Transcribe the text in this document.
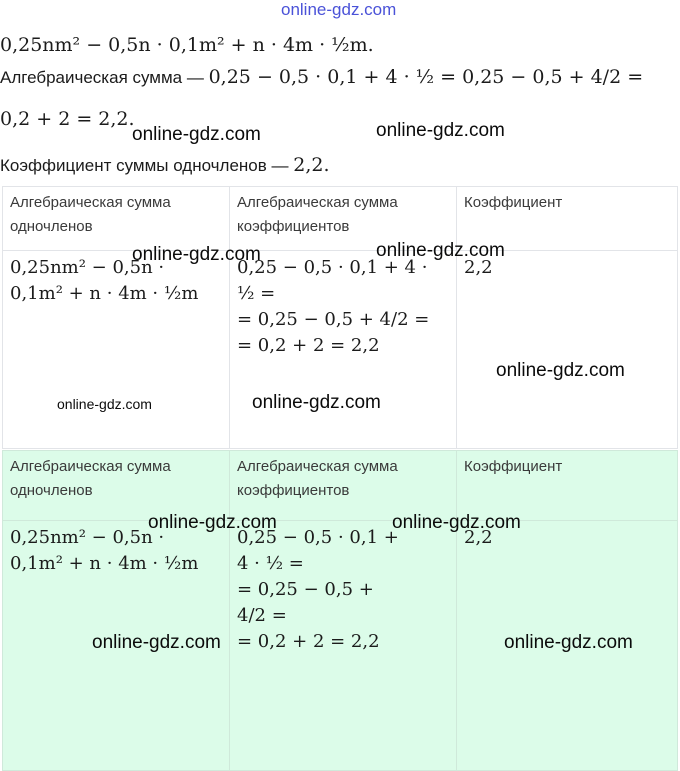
online-gdz.com
0,25nm² − 0,5n · 0,1m² + n · 4m · ½m.
Алгебраическая сумма — 0,25 − 0,5 · 0,1 + 4 · ½ = 0,25 − 0,5 + 4/2 =
0,2 + 2 = 2,2.
Коэффициент суммы одночленов — 2,2.
Алгебраическая сумма одночленов	Алгебраическая сумма коэффициентов	Коэффициент
0,25nm² − 0,5n · 0,1m² + n · 4m · ½m	0,25 − 0,5 · 0,1 + 4 ·
½ =
= 0,25 − 0,5 + 4/2 =
= 0,2 + 2 = 2,2	2,2
Алгебраическая сумма одночленов	Алгебраическая сумма коэффициентов	Коэффициент
0,25nm² − 0,5n · 0,1m² + n · 4m · ½m	0,25 − 0,5 · 0,1 +
4 · ½ =
= 0,25 − 0,5 +
4/2 =
= 0,2 + 2 = 2,2	2,2
online-gdz.com	online-gdz.com
online-gdz.com	online-gdz.com
online-gdz.com
online-gdz.com	online-gdz.com
online-gdz.com	online-gdz.com
online-gdz.com	online-gdz.com
